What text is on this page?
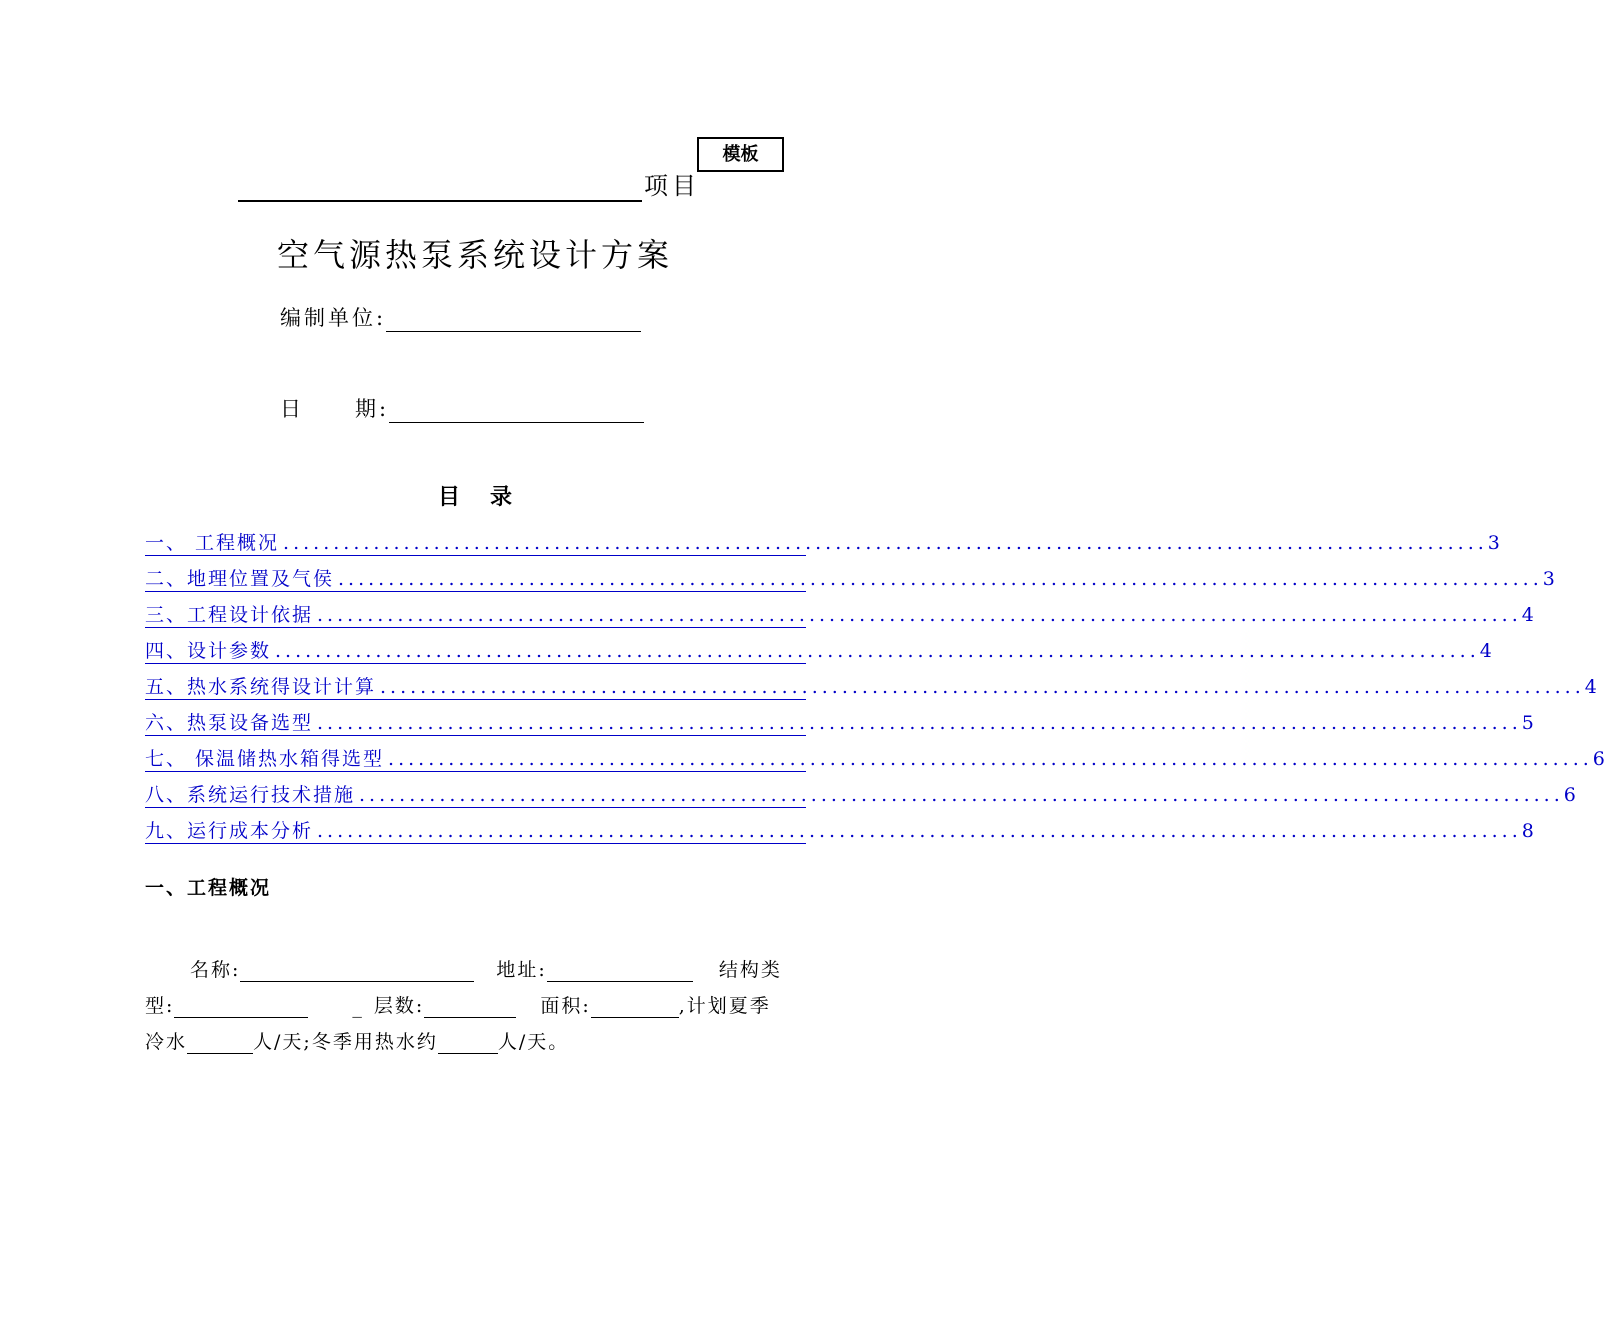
模板
项目
空气源热泵系统设计方案
编制单位:
日	期:
目录
一、 工程概况 ........................................................................................................................ 3
二、地理位置及气侯 ........................................................................................................................ 3
三、工程设计依据 ........................................................................................................................ 4
四、设计参数 ........................................................................................................................ 4
五、热水系统得设计计算 ........................................................................................................................ 4
六、热泵设备选型 ........................................................................................................................ 5
七、 保温储热水箱得选型 ........................................................................................................................ 6
八、系统运行技术措施 ........................................................................................................................ 6
九、运行成本分析 ........................................................................................................................ 8
一、工程概况
名称:	地址:	结构类
型:	_ 层数:	面积:	,计划夏季
冷水	人/天;冬季用热水约	人/天。
